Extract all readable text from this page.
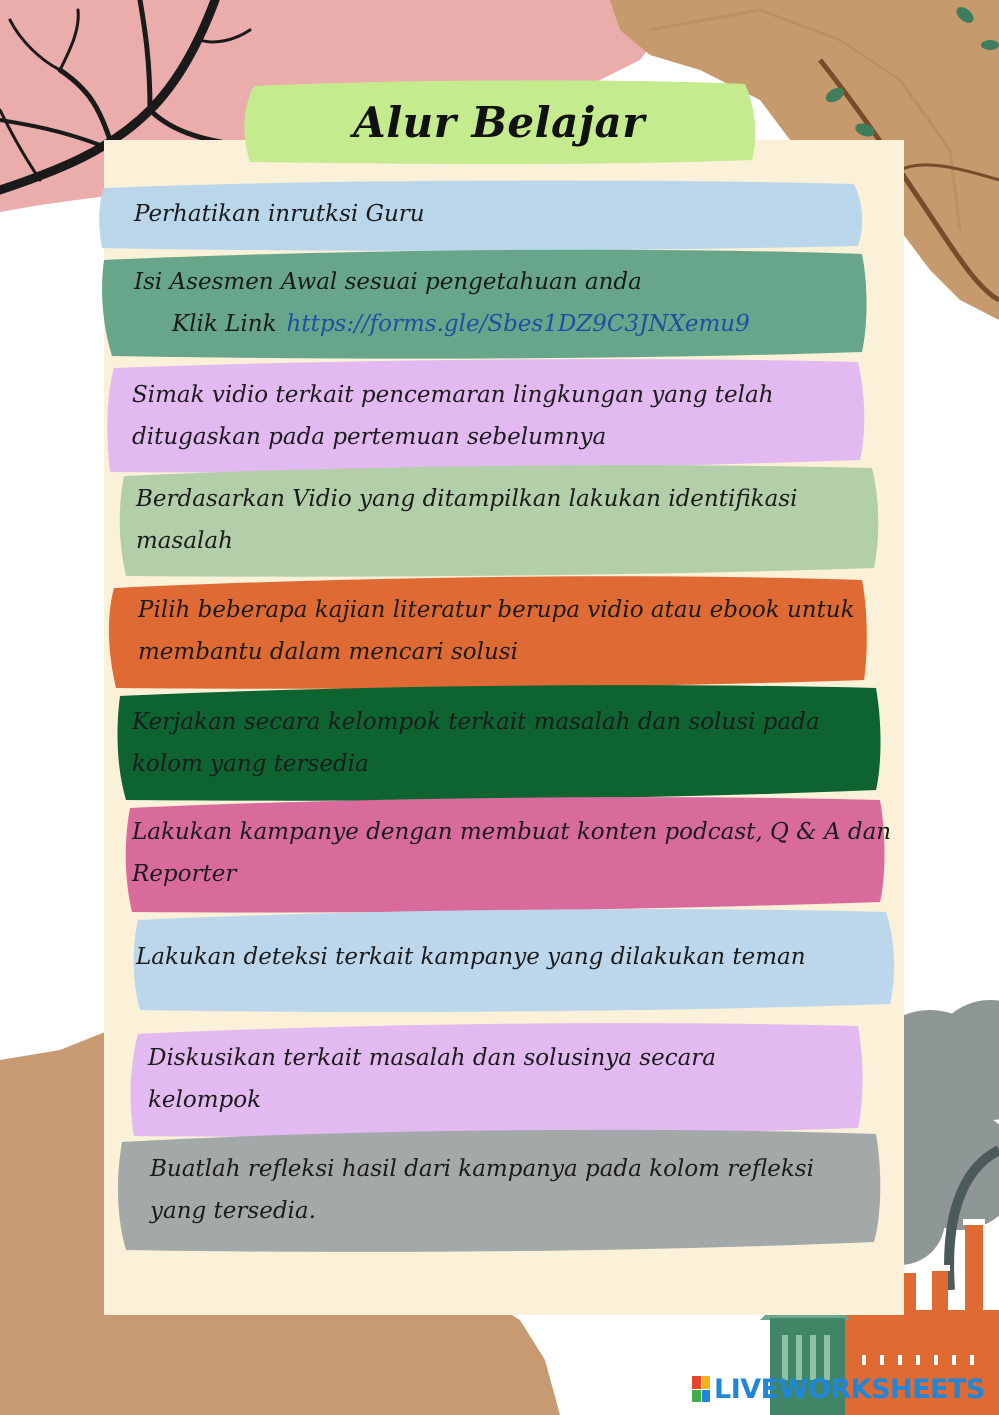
Alur Belajar
Perhatikan inrutksi Guru
Isi Asesmen Awal sesuai pengetahuan anda
Klik Link https://forms.gle/Sbes1DZ9C3JNXemu9
Simak vidio terkait pencemaran lingkungan yang telah
ditugaskan pada pertemuan sebelumnya
Berdasarkan Vidio yang ditampilkan lakukan identifikasi
masalah
Pilih beberapa kajian literatur berupa vidio atau ebook untuk
membantu dalam mencari solusi
Kerjakan secara kelompok terkait masalah dan solusi pada
kolom yang tersedia
Lakukan kampanye dengan membuat konten podcast, Q & A dan
Reporter
Lakukan deteksi terkait kampanye yang dilakukan teman
Diskusikan terkait masalah dan solusinya secara
kelompok
Buatlah refleksi hasil dari kampanya pada kolom refleksi
yang tersedia.
LIVEWORKSHEETS
